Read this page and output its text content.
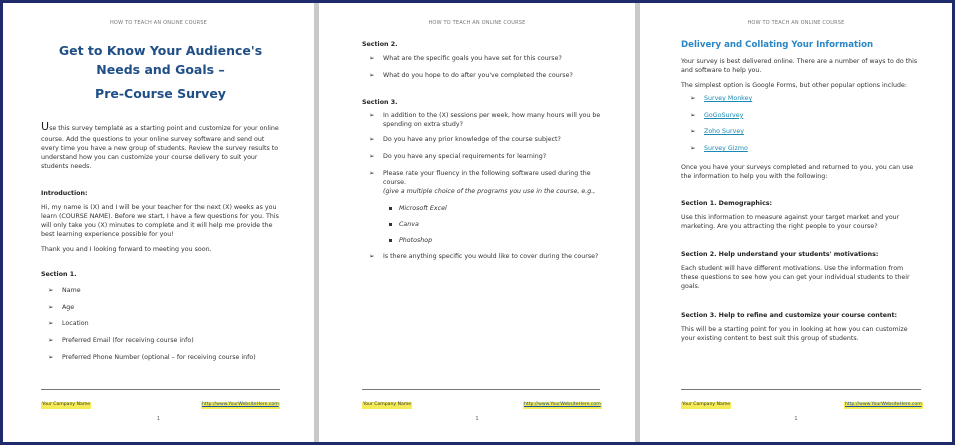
HOW TO TEACH AN ONLINE COURSE
Get to Know Your Audience's
Needs and Goals –
Pre-Course Survey

Use this survey template as a starting point and customize for your online course. Add the questions to your online survey software and send out every time you have a new group of students. Review the survey results to understand how you can customize your course delivery to suit your students needs.

Introduction:
Hi, my name is (X) and I will be your teacher for the next (X) weeks as you learn (COURSE NAME). Before we start, I have a few questions for you. This will only take you (X) minutes to complete and it will help me provide the best learning experience possible for you!
Thank you and I looking forward to meeting you soon.
Section 1.
➢ Name
➢ Age
➢ Location
➢ Preferred Email (for receiving course info)
➢ Preferred Phone Number (optional – for receiving course info)
Your Company Name	http://www.YourWebsiteHere.com
1
HOW TO TEACH AN ONLINE COURSE
Section 2.
➢ What are the specific goals you have set for this course?
➢ What do you hope to do after you've completed the course?
Section 3.
➢ In addition to the (X) sessions per week, how many hours will you be spending on extra study?
➢ Do you have any prior knowledge of the course subject?
➢ Do you have any special requirements for learning?
➢ Please rate your fluency in the following software used during the course.
(give a multiple choice of the programs you use in the course, e.g.,
Microsoft Excel
Canva
Photoshop
➢ Is there anything specific you would like to cover during the course?
Your Company Name	http://www.YourWebsiteHere.com
1
HOW TO TEACH AN ONLINE COURSE
Delivery and Collating Your Information
Your survey is best delivered online. There are a number of ways to do this and software to help you.
The simplest option is Google Forms, but other popular options include:
➢ Survey Monkey
➢ GoGoSurvey
➢ Zoho Survey
➢ Survey Gizmo
Once you have your surveys completed and returned to you, you can use the information to help you with the following:
Section 1. Demographics:
Use this information to measure against your target market and your marketing. Are you attracting the right people to your course?
Section 2. Help understand your students' motivations:
Each student will have different motivations. Use the information from these questions to see how you can get your individual students to their goals.
Section 3. Help to refine and customize your course content:
This will be a starting point for you in looking at how you can customize your existing content to best suit this group of students.
Your Company Name	http://www.YourWebsiteHere.com
1
